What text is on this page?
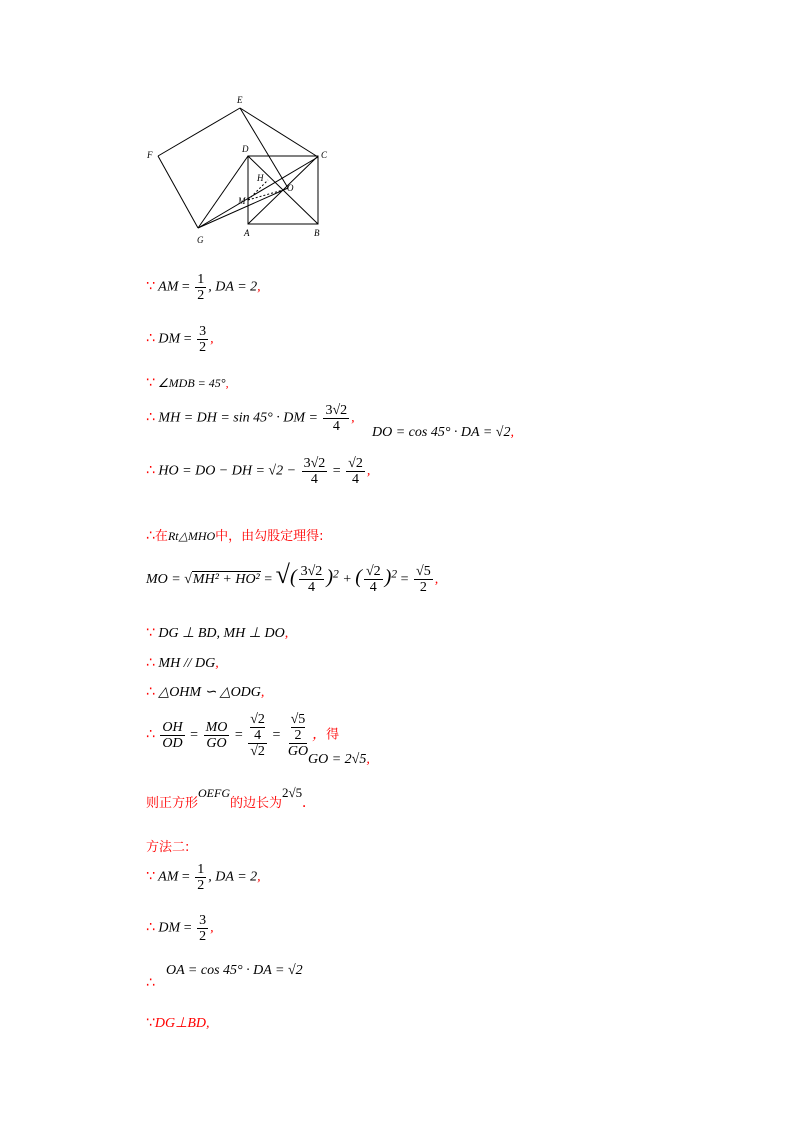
E
F
D
C
H
O
M
G
A	B
∵ AM = $\frac{1}{2}$ , DA = 2,
∴ DM = $\frac{3}{2}$ ,
∵ ∠MDB = 45°,
∴ MH = DH = sin 45° · DM = $\frac{3√2}{4}$ ,
DO = cos 45° · DA = √2,
∴ HO = DO − DH = $√2 - \frac{3√2}{4} = \frac{√2}{4}$ ,
∴在Rt△MHO中，由勾股定理得:
MO = √MH² + HO² = √( $\frac{3√2}{4} )^2$ + ( $\frac{√2}{4} )^2 = \frac{√5}{2}$ ,
∵ DG ⊥ BD, MH ⊥ DO,
∴ MH // DG,
∴ △OHM ∽ △ODG,
∴ $\frac{OH}{OD} = \frac{MO}{GO} = √2$
4
√2 = √5
2
GO ，得
GO = 2√5,
$_{则正方形}OEFG_{的边长为}2√5$.
方法二:
∵ AM = $\frac{1}{2}$ , DA = 2,
∴ DM = $\frac{3}{2}$ ,
OA = cos 45° · DA = √2
∴
∵DG⊥BD,
